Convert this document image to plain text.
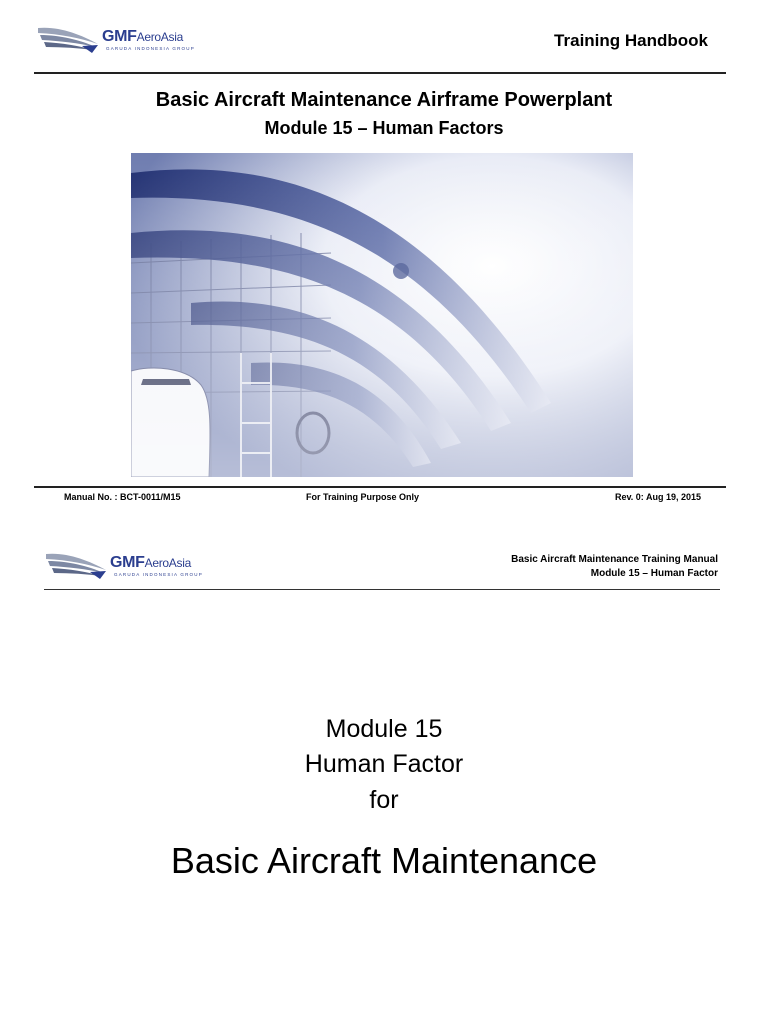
GMFAeroAsia
GARUDA INDONESIA GROUP	Training Handbook
Basic Aircraft Maintenance Airframe Powerplant
Module 15 – Human Factors
Manual No. : BCT-0011/M15	For Training Purpose Only	Rev. 0: Aug 19, 2015
GMFAeroAsia
GARUDA INDONESIA GROUP
Basic Aircraft Maintenance Training Manual
Module 15 – Human Factor
Module 15
Human Factor
for
Basic Aircraft Maintenance
